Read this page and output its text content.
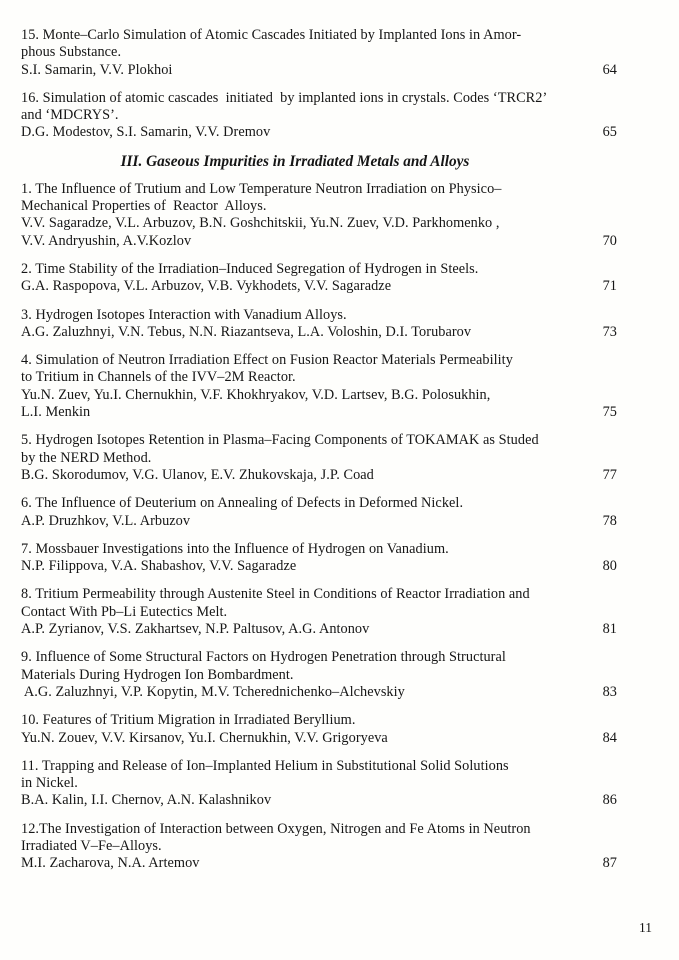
15. Monte–Carlo Simulation of Atomic Cascades Initiated by Implanted Ions in Amor-
phous Substance.
S.I. Samarin, V.V. Plokhoi	64
16. Simulation of atomic cascades  initiated  by implanted ions in crystals. Codes ‘TRCR2’
and ‘MDCRYS’.
D.G. Modestov, S.I. Samarin, V.V. Dremov	65
III. Gaseous Impurities in Irradiated Metals and Alloys
1. The Influence of Trutium and Low Temperature Neutron Irradiation on Physico–
Mechanical Properties of  Reactor  Alloys.
V.V. Sagaradze, V.L. Arbuzov, B.N. Goshchitskii, Yu.N. Zuev, V.D. Parkhomenko ,
V.V. Andryushin, A.V.Kozlov	70
2. Time Stability of the Irradiation–Induced Segregation of Hydrogen in Steels.
G.A. Raspopova, V.L. Arbuzov, V.B. Vykhodets, V.V. Sagaradze	71
3. Hydrogen Isotopes Interaction with Vanadium Alloys.
A.G. Zaluzhnyi, V.N. Tebus, N.N. Riazantseva, L.A. Voloshin, D.I. Torubarov	73
4. Simulation of Neutron Irradiation Effect on Fusion Reactor Materials Permeability
to Tritium in Channels of the IVV–2M Reactor.
Yu.N. Zuev, Yu.I. Chernukhin, V.F. Khokhryakov, V.D. Lartsev, B.G. Polosukhin,
L.I. Menkin	75
5. Hydrogen Isotopes Retention in Plasma–Facing Components of TOKAMAK as Studed
by the NERD Method.
B.G. Skorodumov, V.G. Ulanov, E.V. Zhukovskaja, J.P. Coad	77
6. The Influence of Deuterium on Annealing of Defects in Deformed Nickel.
A.P. Druzhkov, V.L. Arbuzov	78
7. Mossbauer Investigations into the Influence of Hydrogen on Vanadium.
N.P. Filippova, V.A. Shabashov, V.V. Sagaradze	80
8. Tritium Permeability through Austenite Steel in Conditions of Reactor Irradiation and
Contact With Pb–Li Eutectics Melt.
A.P. Zyrianov, V.S. Zakhartsev, N.P. Paltusov, A.G. Antonov	81
9. Influence of Some Structural Factors on Hydrogen Penetration through Structural
Materials During Hydrogen Ion Bombardment.
A.G. Zaluzhnyi, V.P. Kopytin, M.V. Tcherednichenko–Alchevskiy	83
10. Features of Tritium Migration in Irradiated Beryllium.
Yu.N. Zouev, V.V. Kirsanov, Yu.I. Chernukhin, V.V. Grigoryeva	84
11. Trapping and Release of Ion–Implanted Helium in Substitutional Solid Solutions
in Nickel.
B.A. Kalin, I.I. Chernov, A.N. Kalashnikov	86
12.The Investigation of Interaction between Oxygen, Nitrogen and Fe Atoms in Neutron
Irradiated V–Fe–Alloys.
M.I. Zacharova, N.A. Artemov	87
11
